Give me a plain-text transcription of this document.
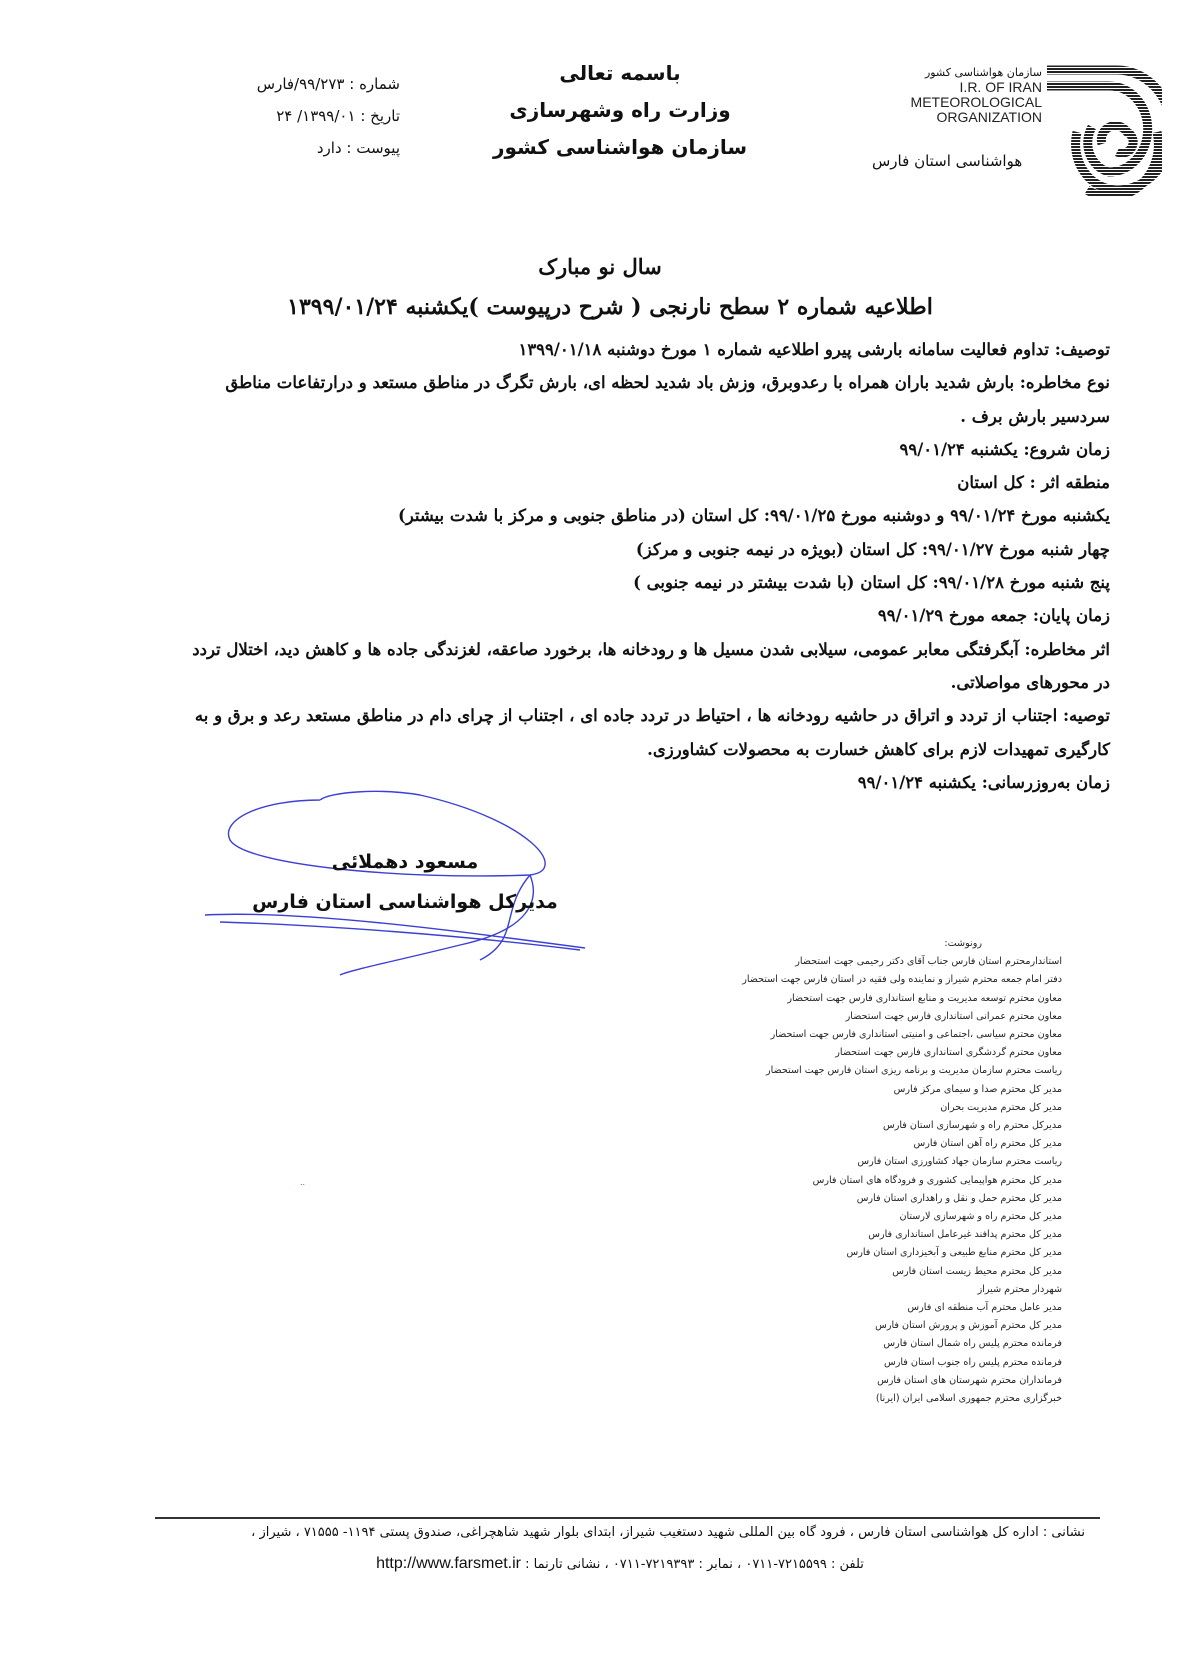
سازمان هواشناسی کشور
I.R. OF IRAN
METEOROLOGICAL
ORGANIZATION
هواشناسی استان فارس
باسمه تعالی
وزارت راه وشهرسازی
سازمان هواشناسی کشور
شماره : ۹۹/۲۷۳/فارس
تاریخ : ۱۳۹۹/۰۱/ ۲۴
پیوست : دارد
سال نو مبارک
اطلاعیه شماره ۲ سطح نارنجی ( شرح درپیوست )یکشنبه ۱۳۹۹/۰۱/۲۴

توصیف: تداوم فعالیت سامانه بارشی پیرو اطلاعیه شماره ۱ مورخ دوشنبه ۱۳۹۹/۰۱/۱۸

نوع مخاطره: بارش شدید باران همراه با رعدوبرق، وزش باد شدید لحظه ای، بارش تگرگ در مناطق مستعد و درارتفاعات مناطق سردسیر بارش برف .

زمان شروع: یکشنبه ۹۹/۰۱/۲۴

منطقه اثر : کل استان

یکشنبه مورخ ۹۹/۰۱/۲۴ و دوشنبه مورخ ۹۹/۰۱/۲۵: کل استان (در مناطق جنوبی و مرکز با شدت بیشتر)

چهار شنبه مورخ ۹۹/۰۱/۲۷: کل استان (بویژه در نیمه جنوبی و مرکز)

پنج شنبه مورخ ۹۹/۰۱/۲۸: کل استان (با شدت بیشتر در نیمه جنوبی )

زمان پایان: جمعه مورخ ۹۹/۰۱/۲۹

اثر مخاطره: آبگرفتگی معابر عمومی، سیلابی شدن مسیل ها و رودخانه ها، برخورد صاعقه، لغزندگی جاده ها و کاهش دید، اختلال تردد در محورهای مواصلاتی.

توصیه: اجتناب از تردد و اتراق در حاشیه رودخانه ها ، احتیاط در تردد جاده ای ، اجتناب از چرای دام در مناطق مستعد رعد و برق و به کارگیری تمهیدات لازم برای کاهش خسارت به محصولات کشاورزی.

زمان به‌روزرسانی: یکشنبه ۹۹/۰۱/۲۴

مسعود دهملائی
مدیرکل هواشناسی استان فارس
رونوشت:
استاندارمحترم استان فارس جناب آقای دکتر رحیمی جهت استحضار
دفتر امام جمعه محترم شیراز و نماینده ولی فقیه در استان فارس جهت استحضار
معاون محترم توسعه مدیریت و منابع استانداری فارس جهت استحضار
معاون محترم عمرانی استانداری فارس جهت استحضار
معاون محترم سیاسی ،اجتماعی و امنیتی استانداری فارس جهت استحضار
معاون محترم گردشگری استانداری فارس جهت استحضار
ریاست محترم سازمان مدیریت و برنامه ریزی استان فارس جهت استحضار
مدیر کل محترم صدا و سیمای مرکز فارس
مدیر کل محترم مدیریت بحران
مدیرکل محترم راه و شهرسازی استان فارس
مدیر کل محترم راه آهن استان فارس
ریاست محترم سازمان جهاد کشاورزی استان فارس
مدیر کل محترم هواپیمایی کشوری و فرودگاه های استان فارس
مدیر کل محترم حمل و نقل و راهداری استان فارس
مدیر کل محترم راه و شهرسازی لارستان
مدیر کل محترم پدافند غیرعامل استانداری فارس
مدیر کل محترم منابع طبیعی و آبخیزداری استان فارس
مدیر کل محترم محیط زیست استان فارس
شهردار محترم شیراز
مدیر عامل محترم آب منطقه ای فارس
مدیر کل محترم آموزش و پرورش استان فارس
فرمانده محترم پلیس راه شمال استان فارس
فرمانده محترم پلیس راه جنوب استان فارس
فرمانداران محترم شهرستان های استان فارس
خبرگزاری محترم جمهوری اسلامی ایران (ایرنا)
..
نشانی : اداره کل هواشناسی استان فارس ، فرود گاه بین المللی شهید دستغیب شیراز، ابتدای بلوار شهید شاهچراغی، صندوق پستی ۱۱۹۴- ۷۱۵۵۵ ، شیراز ،
تلفن : ۷۲۱۵۵۹۹-۰۷۱۱ ، نمابر : ۷۲۱۹۳۹۳-۰۷۱۱ ، نشانی تارنما : http://www.farsmet.ir
